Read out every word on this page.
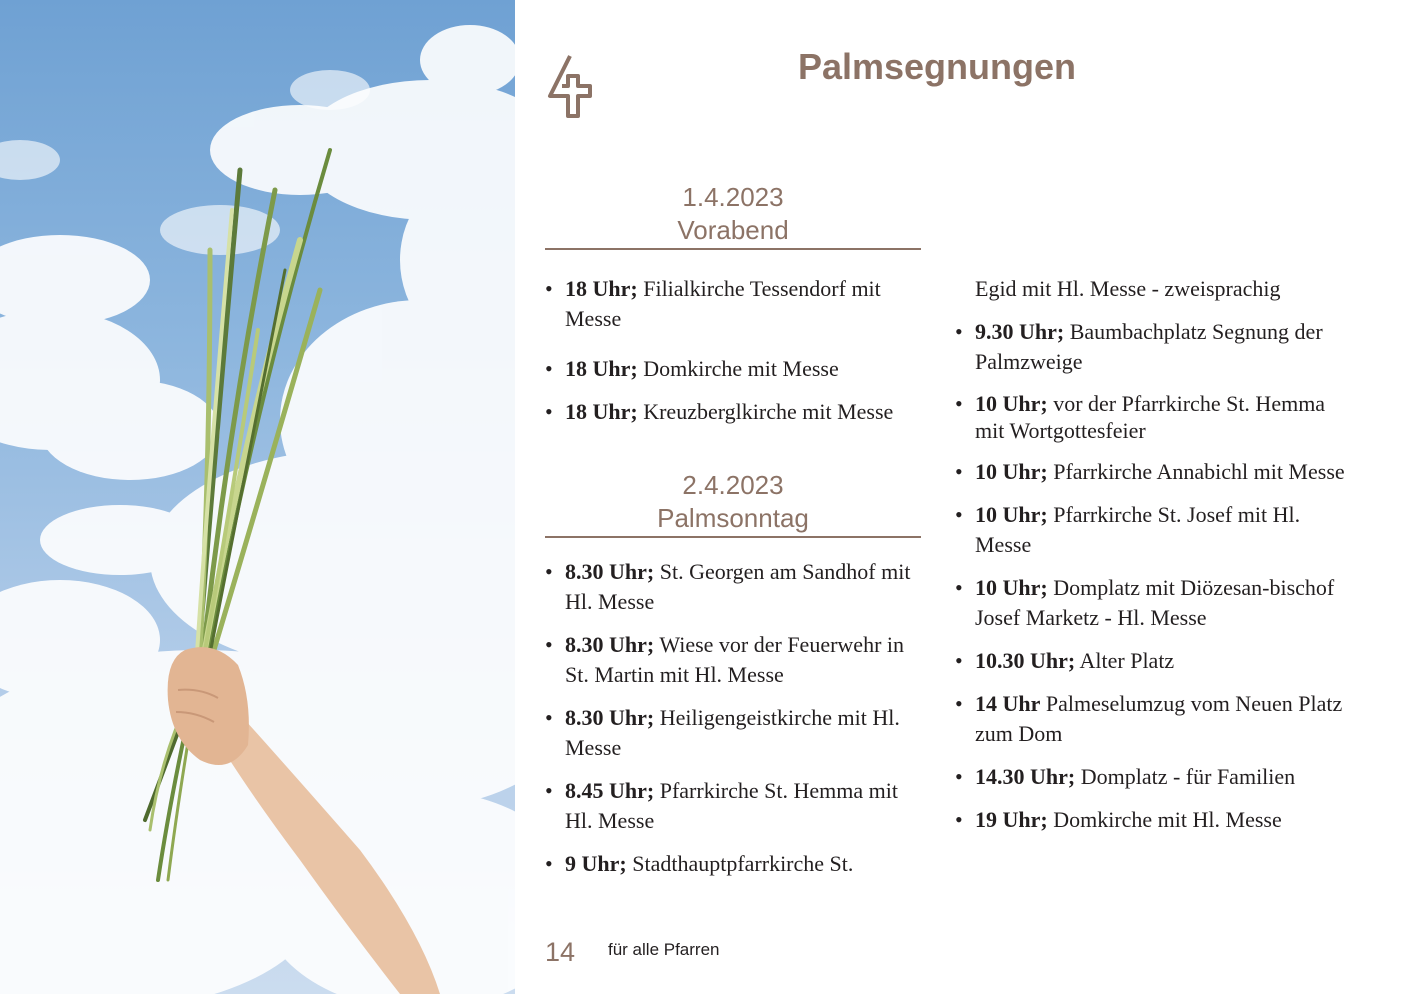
Palmsegnungen
1.4.2023
Vorabend
• 18 Uhr; Filialkirche Tessendorf mit Messe
• 18 Uhr; Domkirche mit Messe
• 18 Uhr; Kreuzberglkirche mit Messe
2.4.2023
Palmsonntag
• 8.30 Uhr; St. Georgen am Sandhof mit Hl. Messe
• 8.30 Uhr; Wiese vor der Feuerwehr in St. Martin mit Hl. Messe
• 8.30 Uhr; Heiligengeistkirche mit Hl. Messe
• 8.45 Uhr; Pfarrkirche St. Hemma mit Hl. Messe
• 9 Uhr; Stadthauptpfarrkirche St.
Egid mit Hl. Messe - zweisprachig
• 9.30 Uhr; Baumbachplatz Segnung der Palmzweige
• 10 Uhr; vor der Pfarrkirche St. Hemma mit Wortgottesfeier
• 10 Uhr; Pfarrkirche Annabichl mit Messe
• 10 Uhr; Pfarrkirche St. Josef mit Hl. Messe
• 10 Uhr; Domplatz mit Diözesan-bischof Josef Marketz - Hl. Messe
• 10.30 Uhr; Alter Platz
• 14 Uhr Palmeselumzug vom Neuen Platz zum Dom
• 14.30 Uhr; Domplatz - für Familien
• 19 Uhr; Domkirche mit Hl. Messe
14 für alle Pfarren
